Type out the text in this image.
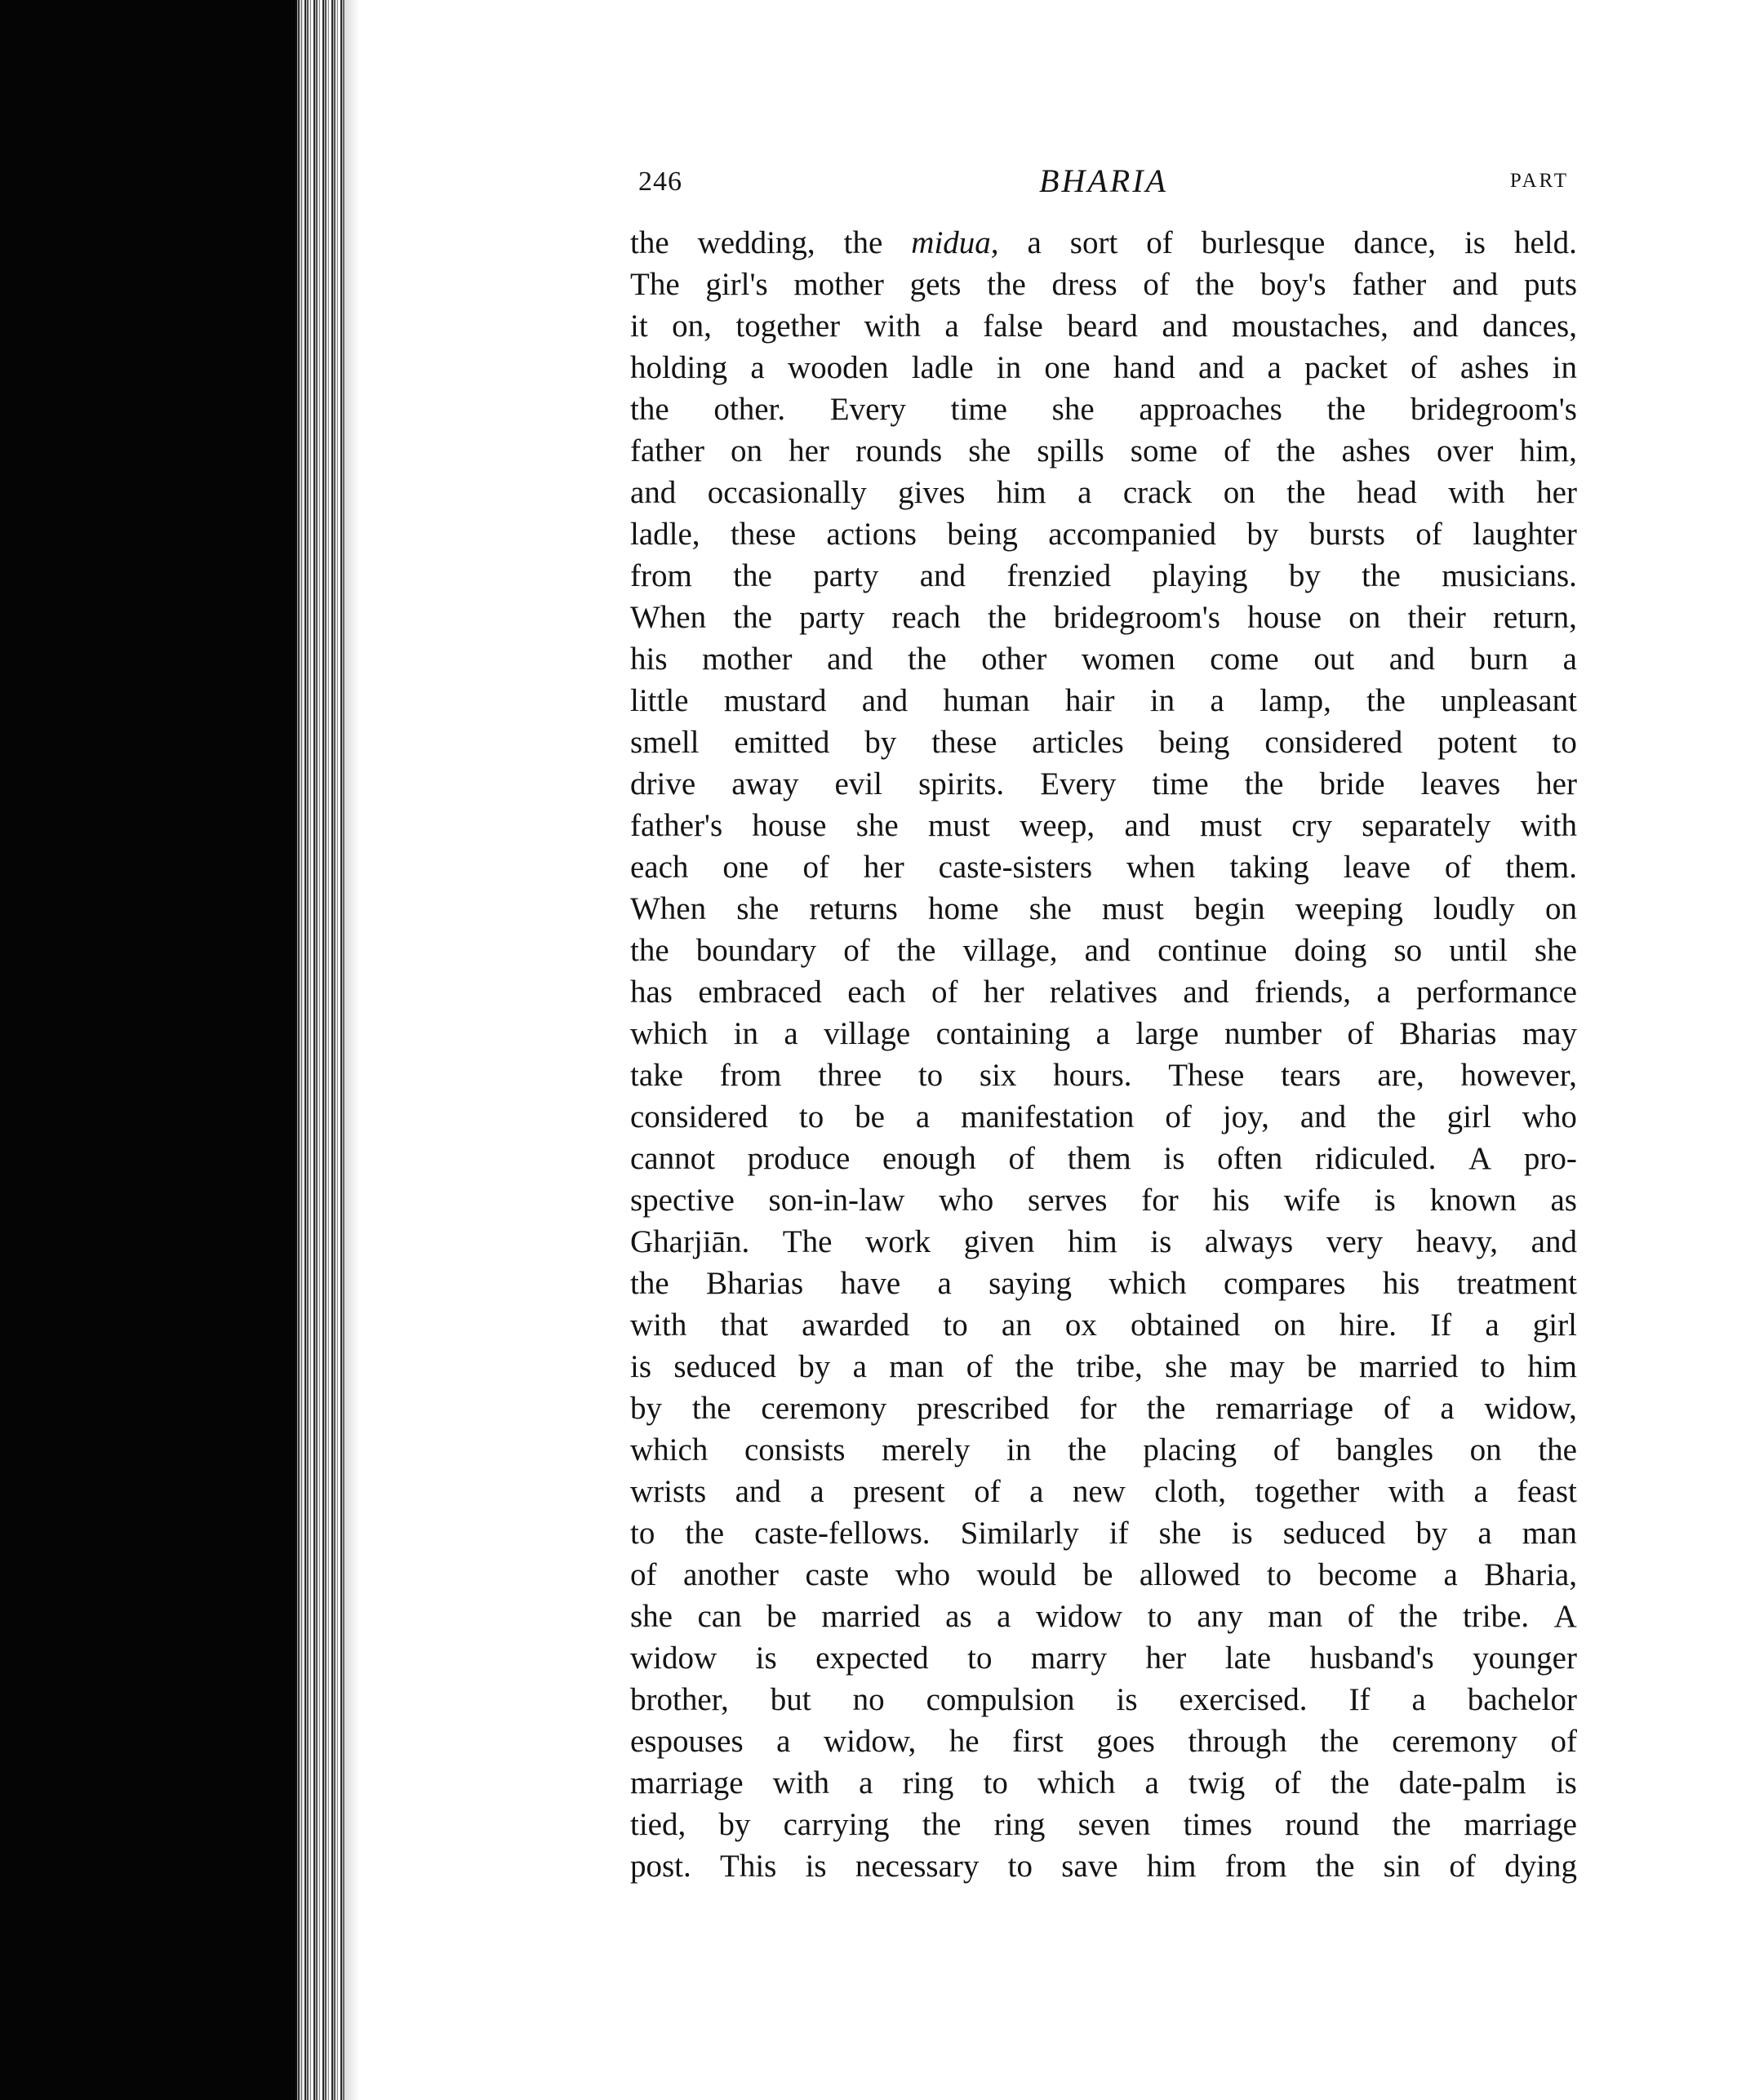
246	BHARIA	PART
the wedding, the midua, a sort of burlesque dance, is held.
The girl's mother gets the dress of the boy's father and puts
it on, together with a false beard and moustaches, and dances,
holding a wooden ladle in one hand and a packet of ashes in
the other. Every time she approaches the bridegroom's
father on her rounds she spills some of the ashes over him,
and occasionally gives him a crack on the head with her
ladle, these actions being accompanied by bursts of laughter
from the party and frenzied playing by the musicians.
When the party reach the bridegroom's house on their return,
his mother and the other women come out and burn a
little mustard and human hair in a lamp, the unpleasant
smell emitted by these articles being considered potent to
drive away evil spirits. Every time the bride leaves her
father's house she must weep, and must cry separately with
each one of her caste-sisters when taking leave of them.
When she returns home she must begin weeping loudly on
the boundary of the village, and continue doing so until she
has embraced each of her relatives and friends, a performance
which in a village containing a large number of Bharias may
take from three to six hours. These tears are, however,
considered to be a manifestation of joy, and the girl who
cannot produce enough of them is often ridiculed. A pro-
spective son-in-law who serves for his wife is known as
Gharjiān. The work given him is always very heavy, and
the Bharias have a saying which compares his treatment
with that awarded to an ox obtained on hire. If a girl
is seduced by a man of the tribe, she may be married to him
by the ceremony prescribed for the remarriage of a widow,
which consists merely in the placing of bangles on the
wrists and a present of a new cloth, together with a feast
to the caste-fellows. Similarly if she is seduced by a man
of another caste who would be allowed to become a Bharia,
she can be married as a widow to any man of the tribe. A
widow is expected to marry her late husband's younger
brother, but no compulsion is exercised. If a bachelor
espouses a widow, he first goes through the ceremony of
marriage with a ring to which a twig of the date-palm is
tied, by carrying the ring seven times round the marriage
post. This is necessary to save him from the sin of dying
